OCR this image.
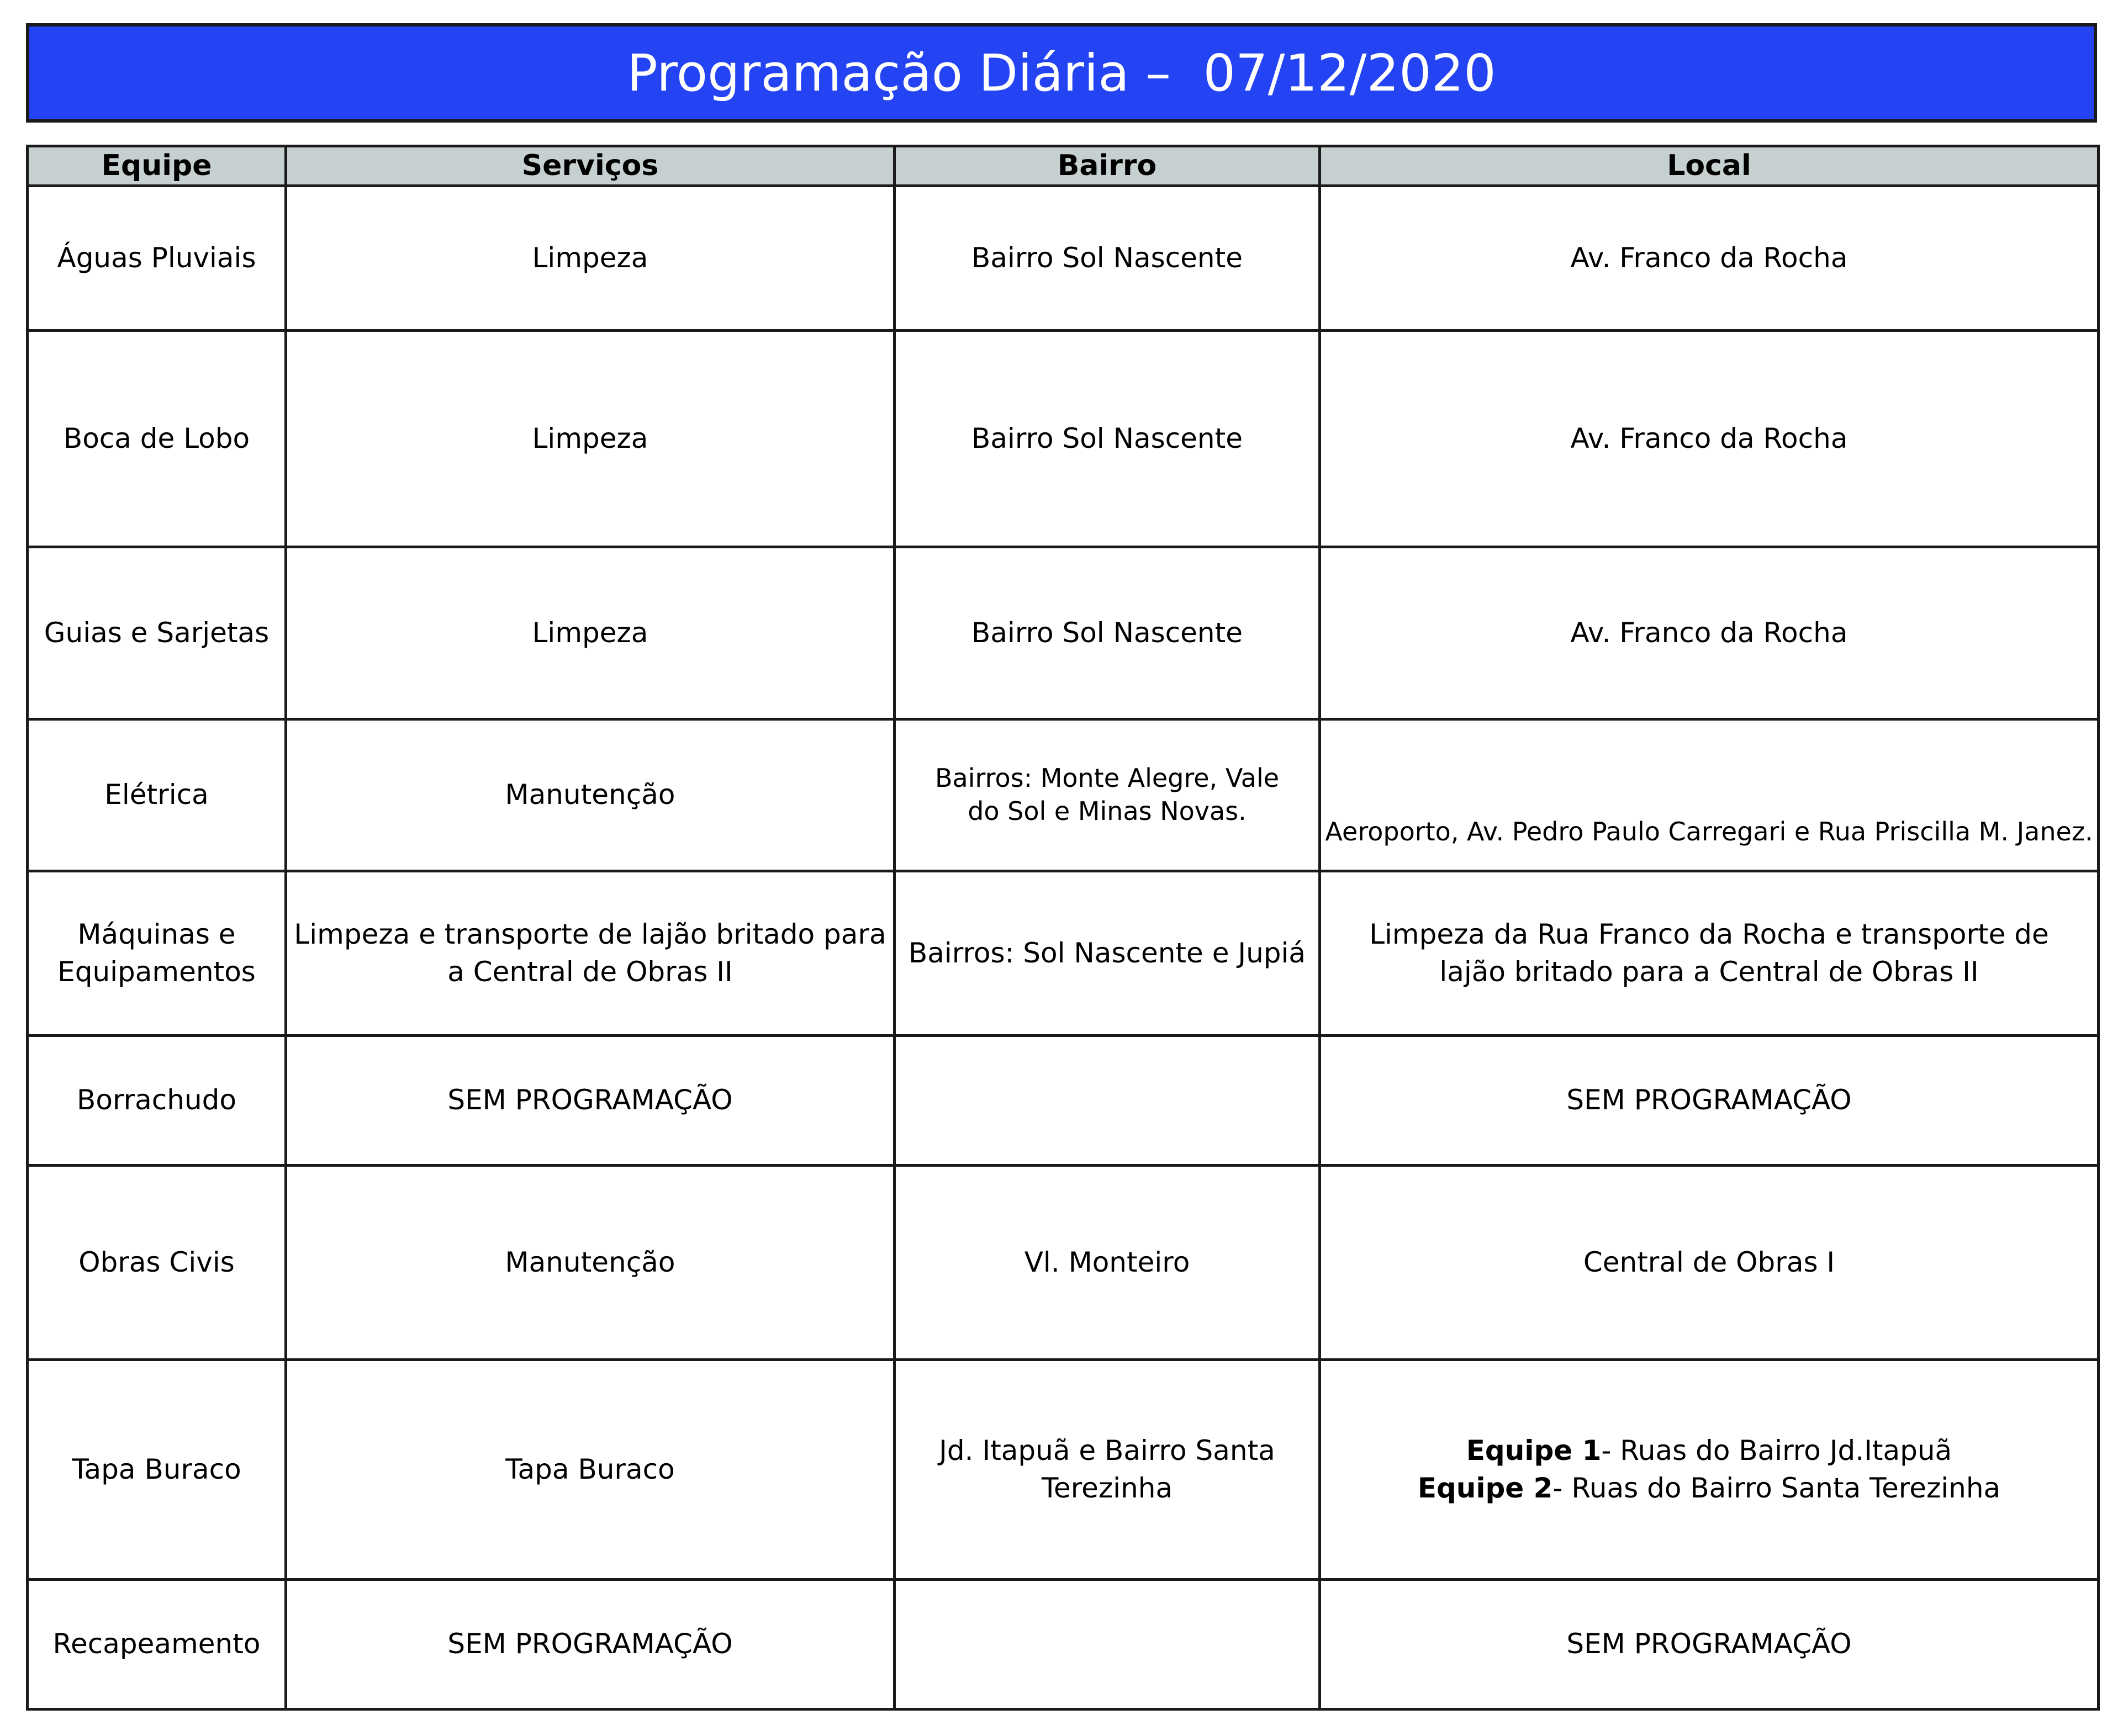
Programação Diária –  07/12/2020
Equipe	Serviços	Bairro	Local
Águas Pluviais	Limpeza	Bairro Sol Nascente	Av. Franco da Rocha
Boca de Lobo	Limpeza	Bairro Sol Nascente	Av. Franco da Rocha
Guias e Sarjetas	Limpeza	Bairro Sol Nascente	Av. Franco da Rocha
Elétrica	Manutenção	Bairros: Monte Alegre, Vale do Sol e Minas Novas.	Aeroporto, Av. Pedro Paulo Carregari e Rua Priscilla M. Janez.
Máquinas e Equipamentos	Limpeza e transporte de lajão britado para a Central de Obras II	Bairros: Sol Nascente e Jupiá	Limpeza da Rua Franco da Rocha e transporte de lajão britado para a Central de Obras II
Borrachudo	SEM PROGRAMAÇÃO		SEM PROGRAMAÇÃO
Obras Civis	Manutenção	Vl. Monteiro	Central de Obras I
Tapa Buraco	Tapa Buraco	Jd. Itapuã e Bairro Santa Terezinha	Equipe 1- Ruas do Bairro Jd.Itapuã
Equipe 2- Ruas do Bairro Santa Terezinha

Recapeamento	SEM PROGRAMAÇÃO		SEM PROGRAMAÇÃO
